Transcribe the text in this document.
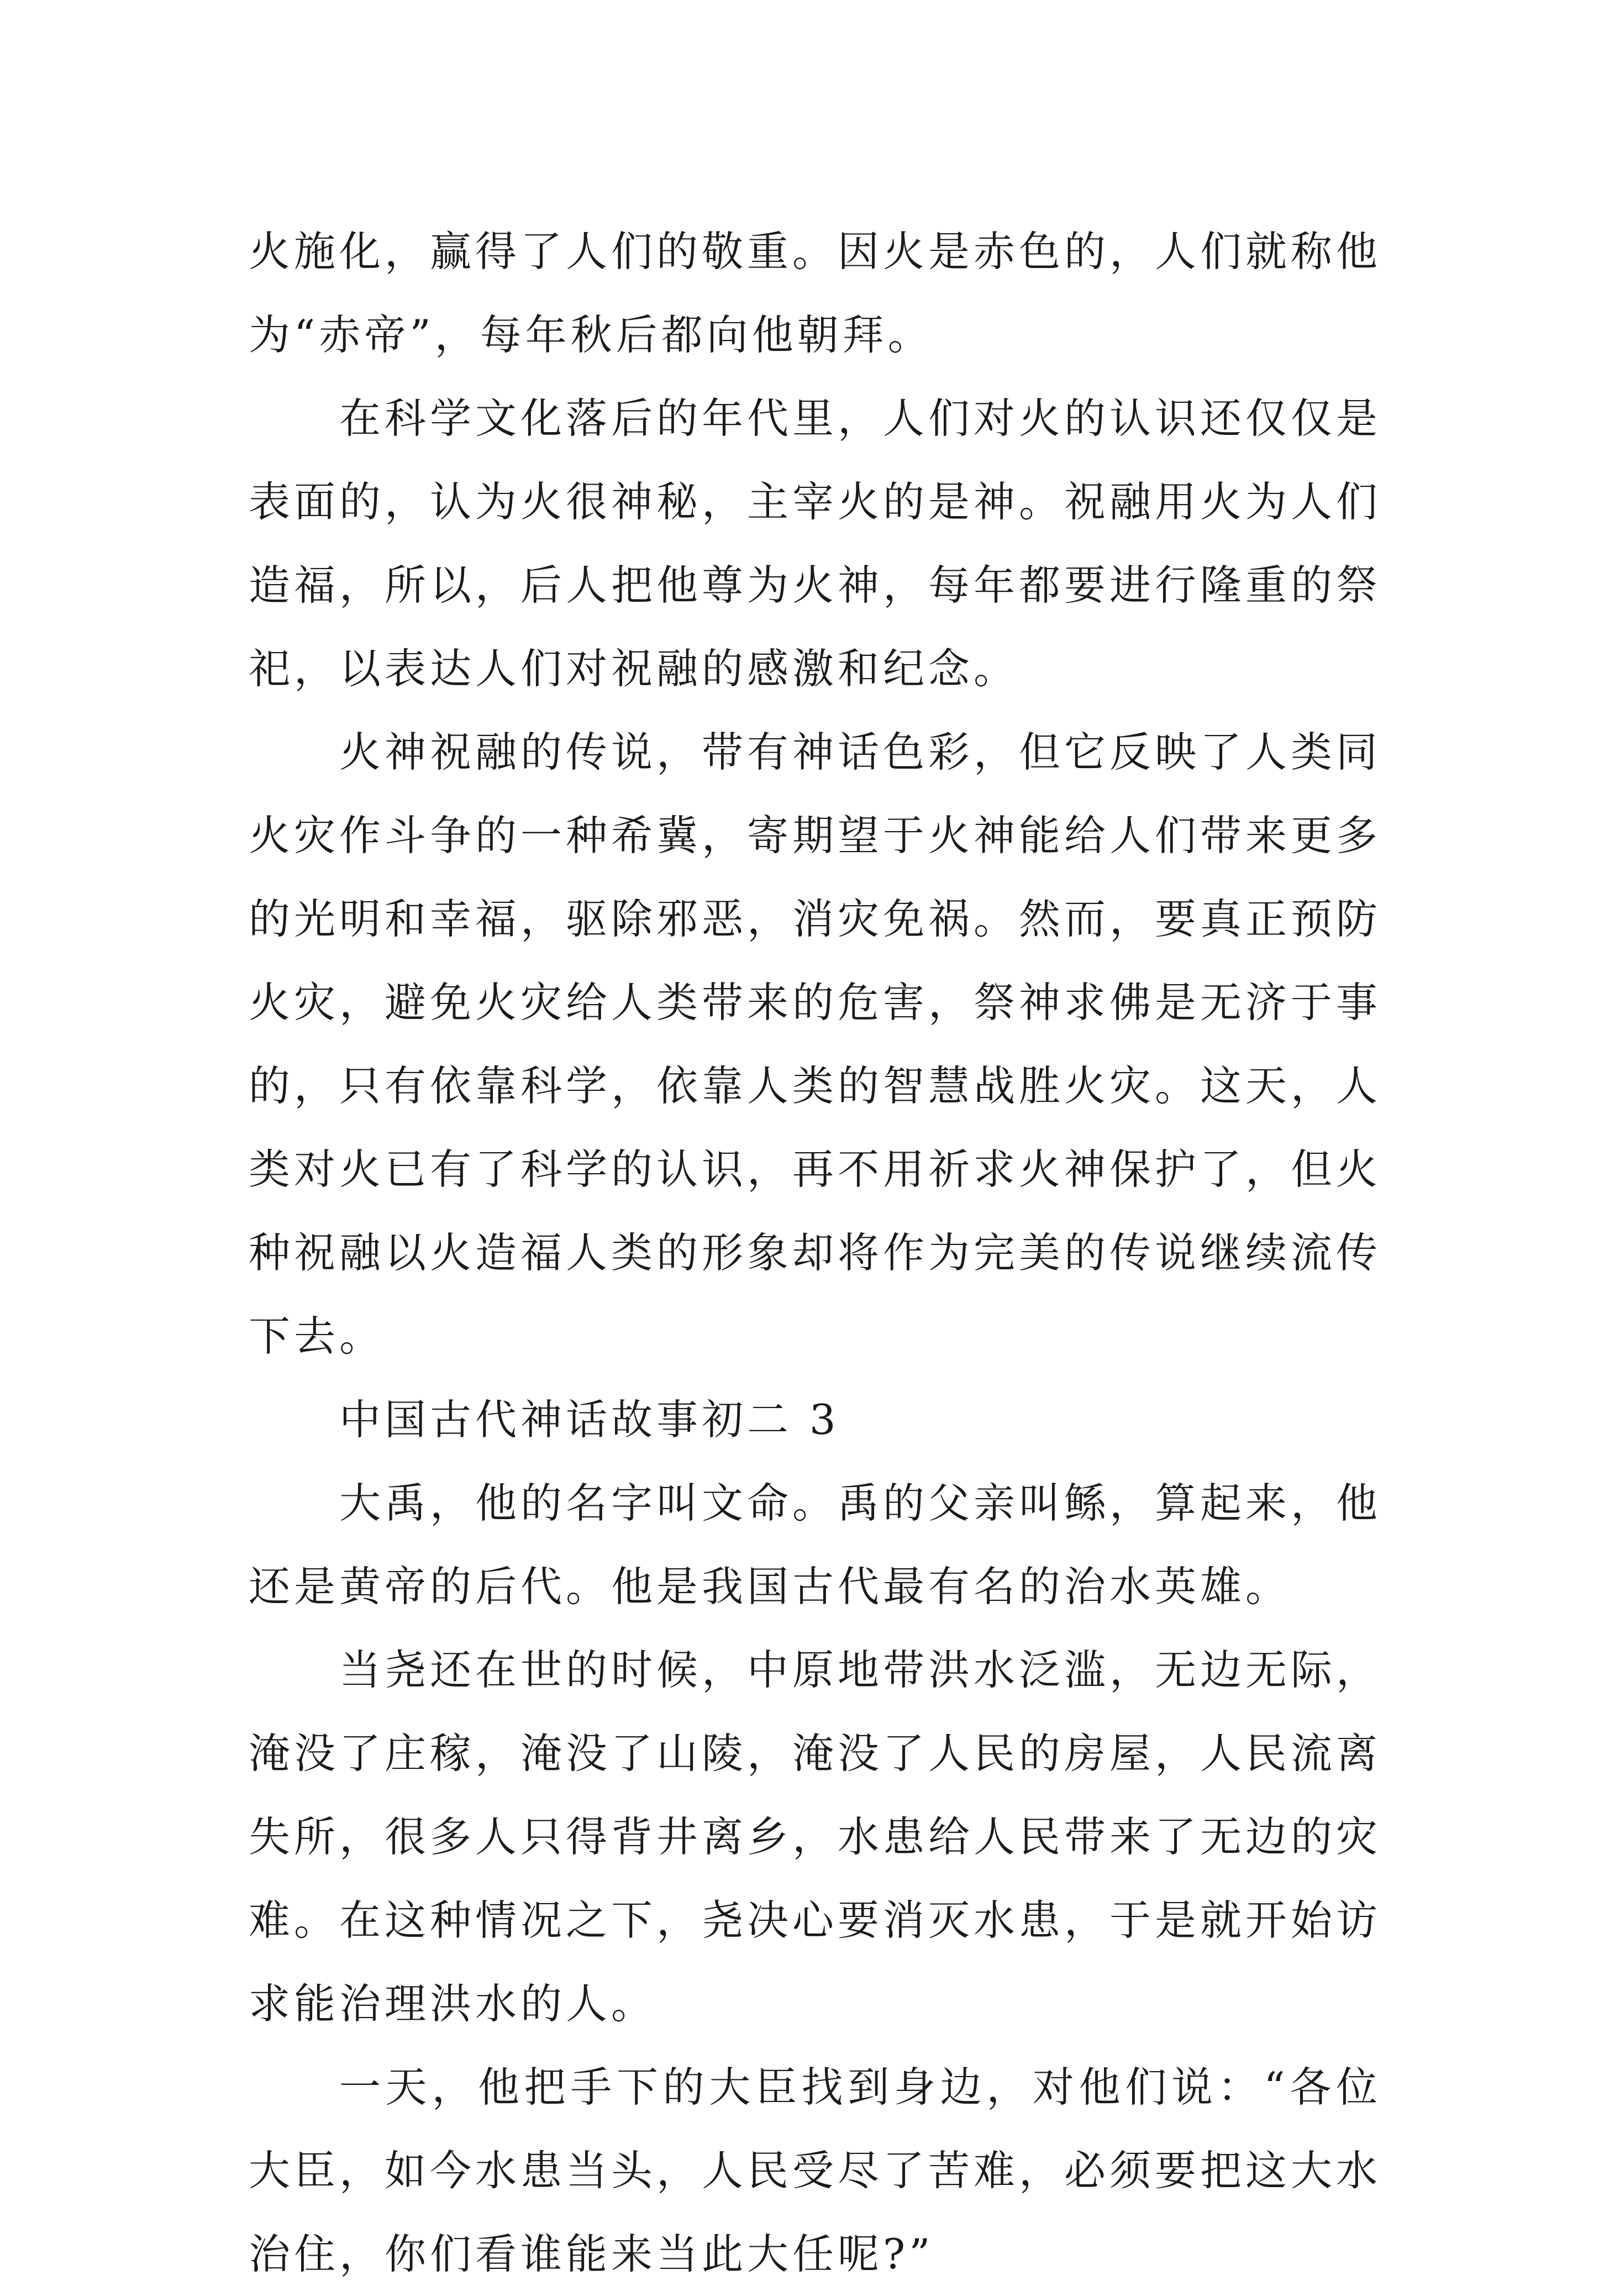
火施化，赢得了人们的敬重。因火是赤色的，人们就称他为“赤帝”，每年秋后都向他朝拜。

在科学文化落后的年代里，人们对火的认识还仅仅是表面的，认为火很神秘，主宰火的是神。祝融用火为人们造福，所以，后人把他尊为火神，每年都要进行隆重的祭祀，以表达人们对祝融的感激和纪念。

火神祝融的传说，带有神话色彩，但它反映了人类同火灾作斗争的一种希冀，寄期望于火神能给人们带来更多的光明和幸福，驱除邪恶，消灾免祸。然而，要真正预防火灾，避免火灾给人类带来的危害，祭神求佛是无济于事的，只有依靠科学，依靠人类的智慧战胜火灾。这天，人类对火已有了科学的认识，再不用祈求火神保护了，但火种祝融以火造福人类的形象却将作为完美的传说继续流传下去。

中国古代神话故事初二 3

大禹，他的名字叫文命。禹的父亲叫鲧，算起来，他还是黄帝的后代。他是我国古代最有名的治水英雄。

当尧还在世的时候，中原地带洪水泛滥，无边无际，淹没了庄稼，淹没了山陵，淹没了人民的房屋，人民流离失所，很多人只得背井离乡，水患给人民带来了无边的灾难。在这种情况之下，尧决心要消灭水患，于是就开始访求能治理洪水的人。

一天，他把手下的大臣找到身边，对他们说：“各位大臣，如今水患当头，人民受尽了苦难，必须要把这大水治住，你们看谁能来当此大任呢?”
